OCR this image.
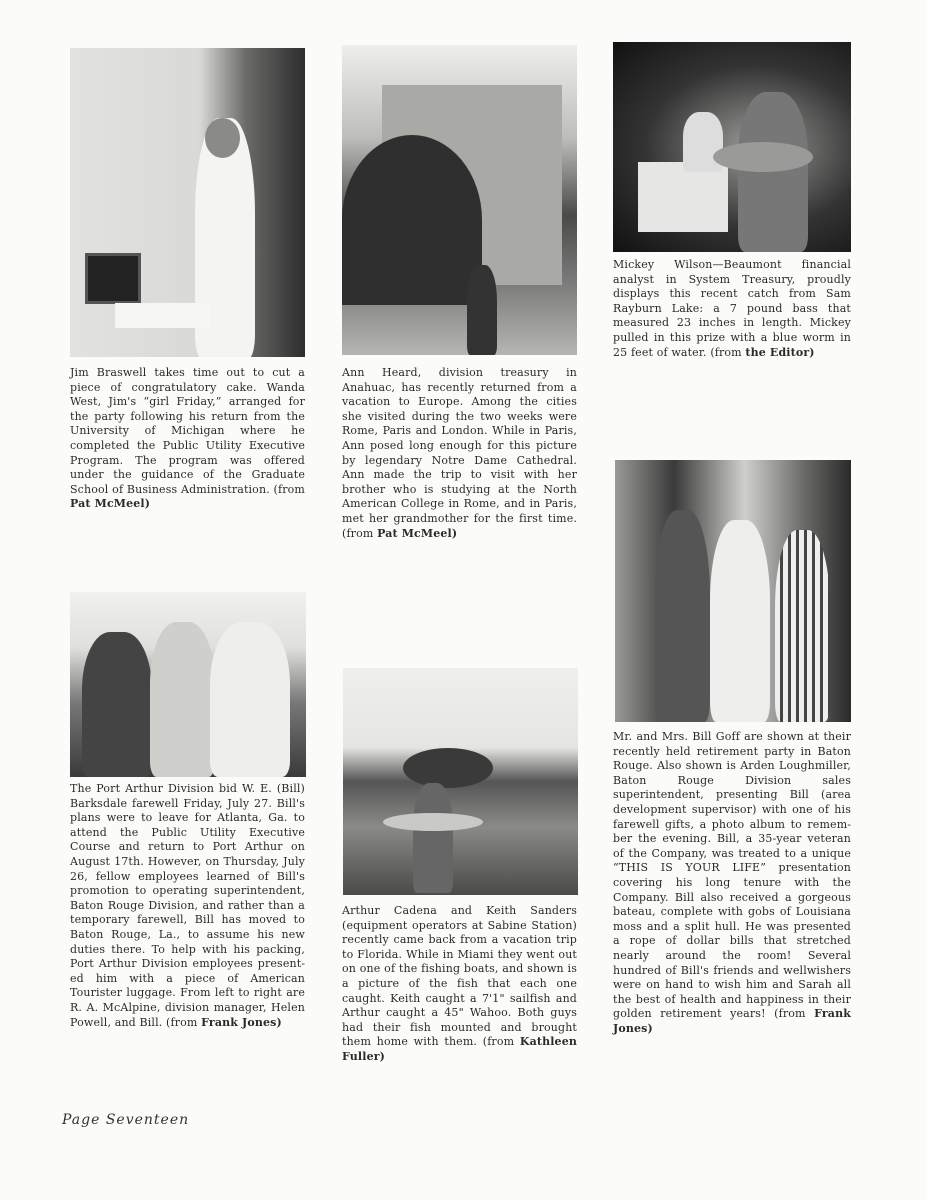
Jim Braswell takes time out to cut a piece of congratulatory cake. Wanda West, Jim's “girl Friday,” arranged for the party following his return from the University of Michigan where he completed the Public Utility Executive Program. The program was offered under the guidance of the Graduate School of Business Administration. (from Pat McMeel)
Ann Heard, division treasury in Anahuac, has recently returned from a vacation to Europe. Among the cities she visited during the two weeks were Rome, Paris and London. While in Paris, Ann posed long enough for this picture by legendary Notre Dame Cathedral. Ann made the trip to visit with her brother who is studying at the North American College in Rome, and in Paris, met her grandmother for the first time. (from Pat McMeel)
Mickey Wilson—Beaumont financial analyst in System Treasury, proudly displays this recent catch from Sam Rayburn Lake: a 7 pound bass that measured 23 inches in length. Mickey pulled in this prize with a blue worm in 25 feet of water. (from the Editor)
The Port Arthur Division bid W. E. (Bill) Barksdale farewell Friday, July 27. Bill's plans were to leave for Atlanta, Ga. to attend the Public Utility Executive Course and return to Port Arthur on August 17th. However, on Thursday, July 26, fellow employees learned of Bill's promotion to operating superintendent, Baton Rouge Division, and rather than a temporary farewell, Bill has moved to Baton Rouge, La., to assume his new duties there. To help with his packing, Port Arthur Division employees presented him with a piece of American Tourister luggage. From left to right are R. A. McAlpine, division manager, Helen Powell, and Bill. (from Frank Jones)
Arthur Cadena and Keith Sanders (equipment operators at Sabine Station) recently came back from a vacation trip to Florida. While in Miami they went out on one of the fishing boats, and shown is a picture of the fish that each one caught. Keith caught a 7'1" sailfish and Arthur caught a 45" Wahoo. Both guys had their fish mounted and brought them home with them. (from Kathleen Fuller)
Mr. and Mrs. Bill Goff are shown at their recently held retirement party in Baton Rouge. Also shown is Arden Loughmiller, Baton Rouge Division sales superintendent, presenting Bill (area development supervisor) with one of his farewell gifts, a photo album to remember the evening. Bill, a 35-year veteran of the Company, was treated to a unique “THIS IS YOUR LIFE” presentation covering his long tenure with the Company. Bill also received a gorgeous bateau, complete with gobs of Louisiana moss and a split hull. He was presented a rope of dollar bills that stretched nearly around the room! Several hundred of Bill's friends and wellwishers were on hand to wish him and Sarah all the best of health and happiness in their golden retirement years! (from Frank Jones)
Page Seventeen
